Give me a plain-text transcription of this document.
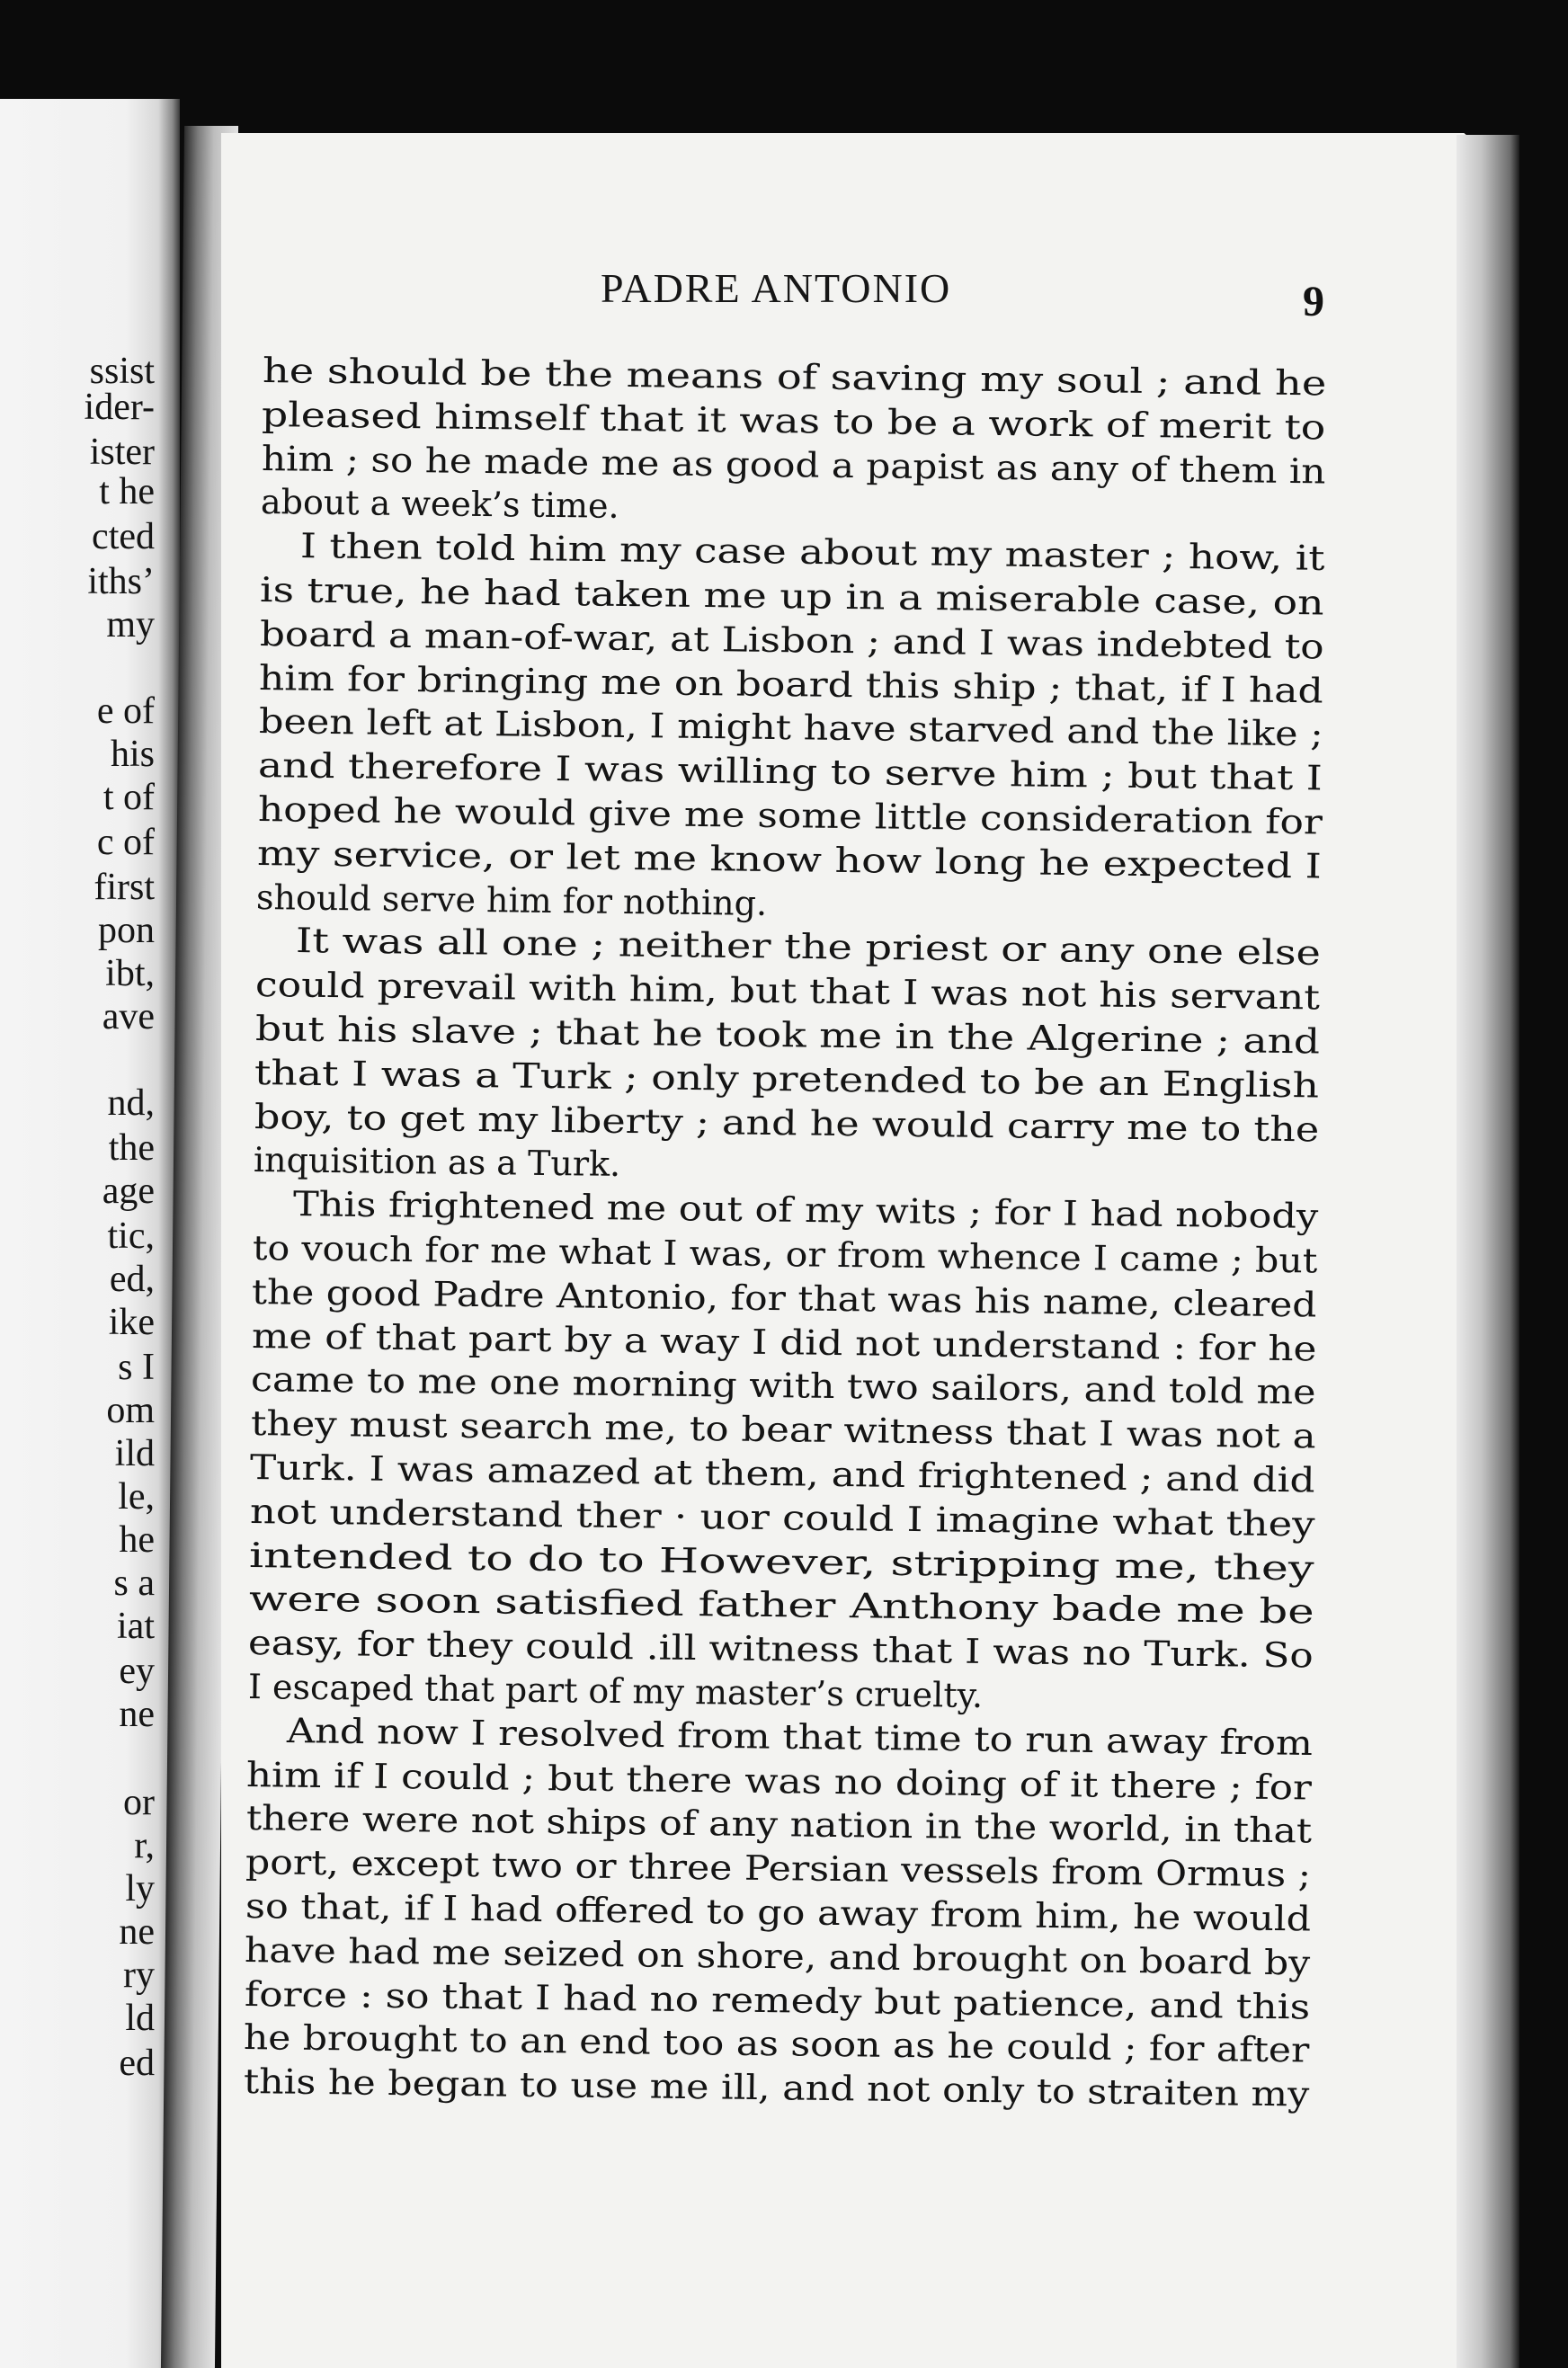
ssist
ider-
ister
t he
cted
iths’
my
e of
his
t of
c of
first
pon
ibt,
ave
nd,
the
age
tic,
ed,
ike
s I
om
ild
le,
he
s a
iat
ey
ne
or
r,
ly
ne
ry
ld
ed
PADRE ANTONIO	9
he should be the means of saving my soul ; and he
pleased himself that it was to be a work of merit to
him ; so he made me as good a papist as any of them in
about a week’s time.
I then told him my case about my master ; how, it
is true, he had taken me up in a miserable case, on
board a man-of-war, at Lisbon ; and I was indebted to
him for bringing me on board this ship ; that, if I had
been left at Lisbon, I might have starved and the like ;
and therefore I was willing to serve him ; but that I
hoped he would give me some little consideration for
my service, or let me know how long he expected I
should serve him for nothing.
It was all one ; neither the priest or any one else
could prevail with him, but that I was not his servant
but his slave ; that he took me in the Algerine ; and
that I was a Turk ; only pretended to be an English
boy, to get my liberty ; and he would carry me to the
inquisition as a Turk.
This frightened me out of my wits ; for I had nobody
to vouch for me what I was, or from whence I came ; but
the good Padre Antonio, for that was his name, cleared
me of that part by a way I did not understand : for he
came to me one morning with two sailors, and told me
they must search me, to bear witness that I was not a
Turk. I was amazed at them, and frightened ; and did
not understand ther · uor could I imagine what they
intended to do to However, stripping me, they
were soon satisfied father Anthony bade me be
easy, for they could .ill witness that I was no Turk. So
I escaped that part of my master’s cruelty.
And now I resolved from that time to run away from
him if I could ; but there was no doing of it there ; for
there were not ships of any nation in the world, in that
port, except two or three Persian vessels from Ormus ;
so that, if I had offered to go away from him, he would
have had me seized on shore, and brought on board by
force : so that I had no remedy but patience, and this
he brought to an end too as soon as he could ; for after
this he began to use me ill, and not only to straiten my
